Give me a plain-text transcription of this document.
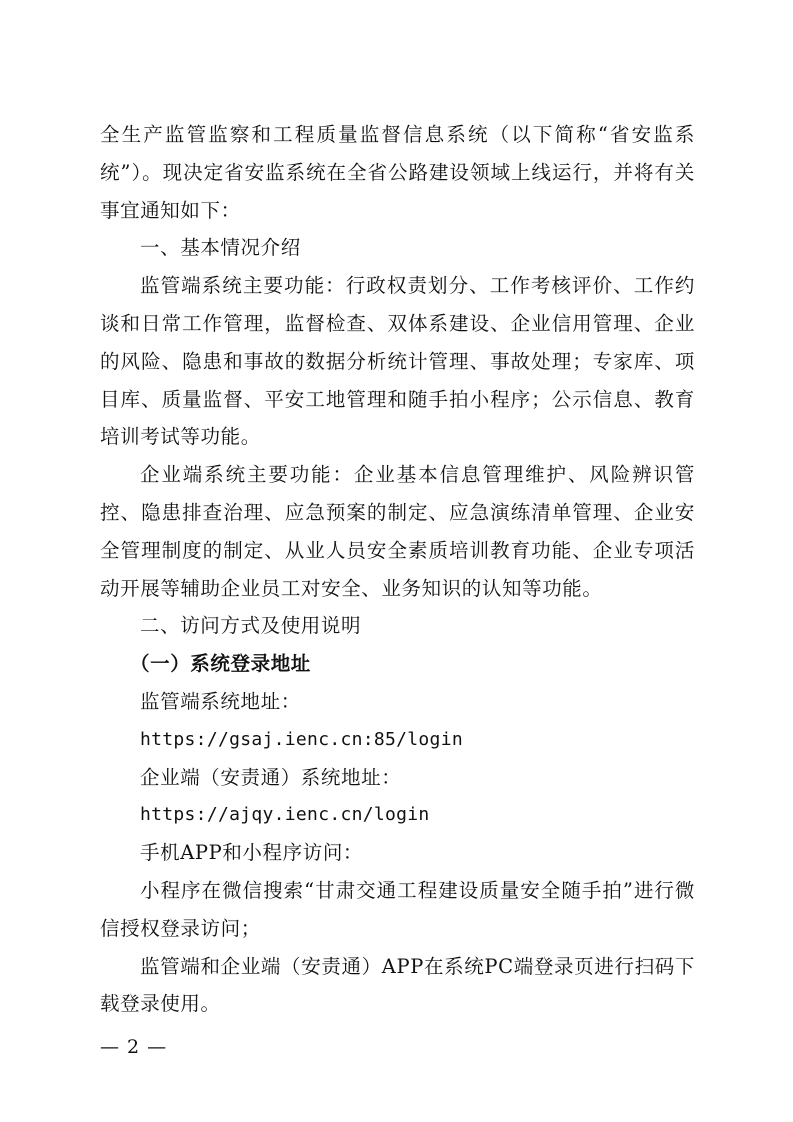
全生产监管监察和工程质量监督信息系统（以下简称“省安监系统”）。现决定省安监系统在全省公路建设领域上线运行，并将有关事宜通知如下：

一、基本情况介绍

监管端系统主要功能：行政权责划分、工作考核评价、工作约谈和日常工作管理，监督检查、双体系建设、企业信用管理、企业的风险、隐患和事故的数据分析统计管理、事故处理；专家库、项目库、质量监督、平安工地管理和随手拍小程序；公示信息、教育培训考试等功能。

企业端系统主要功能：企业基本信息管理维护、风险辨识管控、隐患排查治理、应急预案的制定、应急演练清单管理、企业安全管理制度的制定、从业人员安全素质培训教育功能、企业专项活动开展等辅助企业员工对安全、业务知识的认知等功能。

二、访问方式及使用说明

（一）系统登录地址

监管端系统地址：

https://gsaj.ienc.cn:85/login

企业端（安责通）系统地址：

https://ajqy.ienc.cn/login

手机APP和小程序访问：

小程序在微信搜索“甘肃交通工程建设质量安全随手拍”进行微信授权登录访问；

监管端和企业端（安责通）APP在系统PC端登录页进行扫码下载登录使用。

— 2 —
